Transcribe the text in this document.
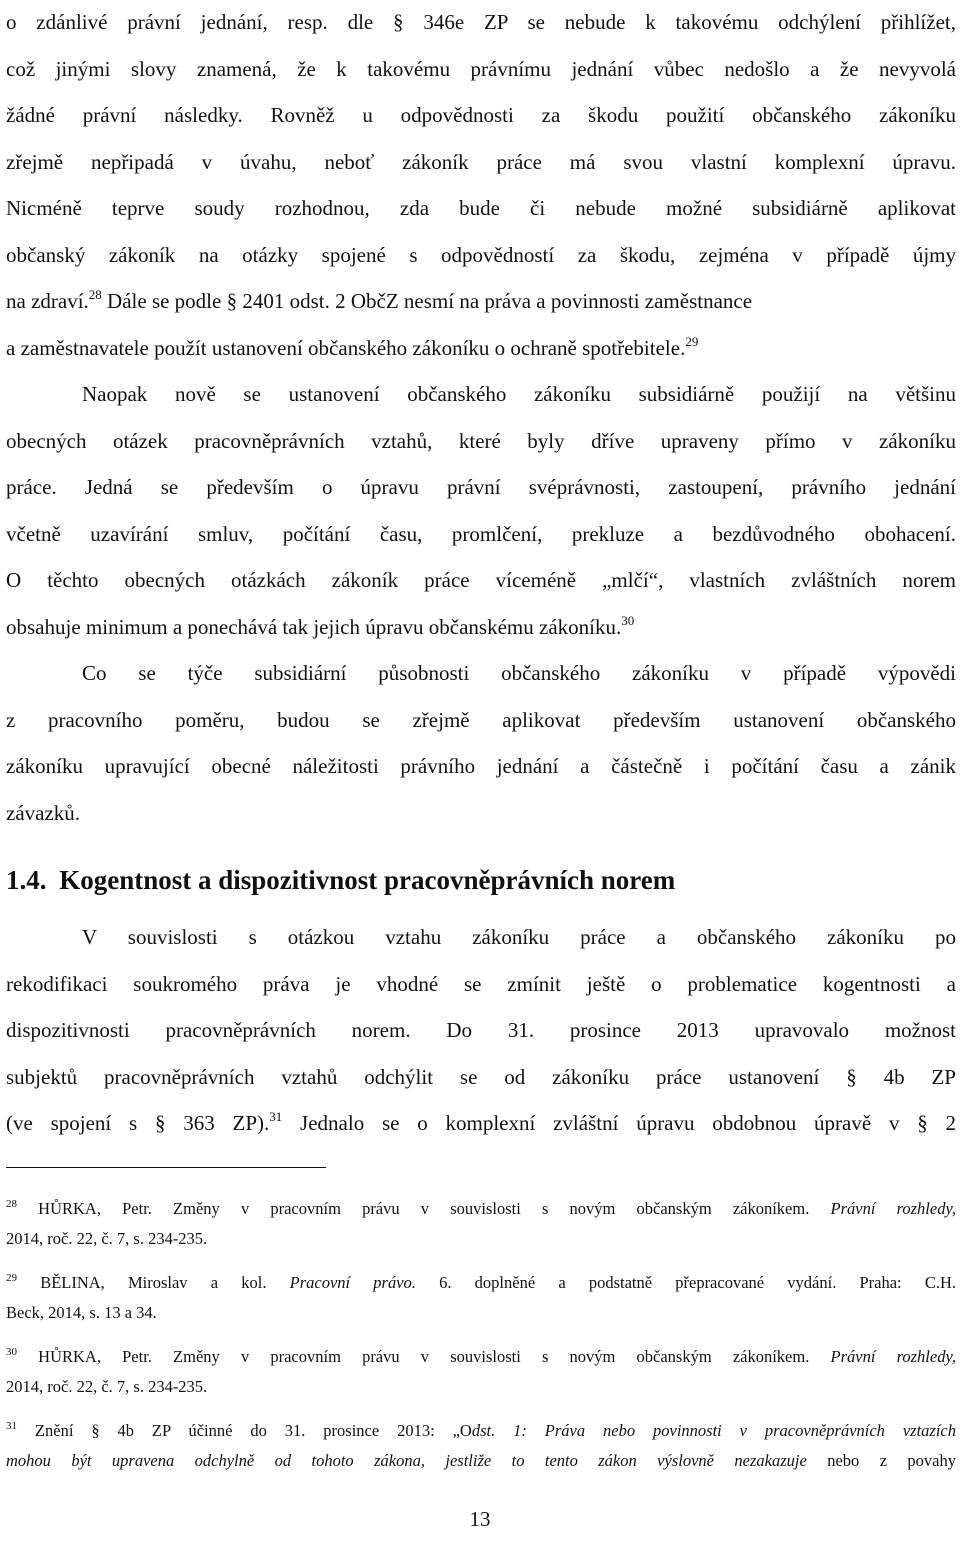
o zdánlivé právní jednání, resp. dle § 346e ZP se nebude k takovému odchýlení přihlížet,
což jinými slovy znamená, že k takovému právnímu jednání vůbec nedošlo a že nevyvolá
žádné právní následky. Rovněž u odpovědnosti za škodu použití občanského zákoníku
zřejmě nepřipadá v úvahu, neboť zákoník práce má svou vlastní komplexní úpravu.
Nicméně teprve soudy rozhodnou, zda bude či nebude možné subsidiárně aplikovat
občanský zákoník na otázky spojené s odpovědností za škodu, zejména v případě újmy
na zdraví.$^{28}$ Dále se podle § 2401 odst. 2 ObčZ nesmí na práva a povinnosti zaměstnance
a zaměstnavatele použít ustanovení občanského zákoníku o ochraně spotřebitele.$^{29}$
Naopak nově se ustanovení občanského zákoníku subsidiárně použijí na většinu
obecných otázek pracovněprávních vztahů, které byly dříve upraveny přímo v zákoníku
práce. Jedná se především o úpravu právní svéprávnosti, zastoupení, právního jednání
včetně uzavírání smluv, počítání času, promlčení, prekluze a bezdůvodného obohacení.
O těchto obecných otázkách zákoník práce víceméně „mlčí“, vlastních zvláštních norem
obsahuje minimum a ponechává tak jejich úpravu občanskému zákoníku.$^{30}$
Co se týče subsidiární působnosti občanského zákoníku v případě výpovědi
z pracovního poměru, budou se zřejmě aplikovat především ustanovení občanského
zákoníku upravující obecné náležitosti právního jednání a částečně i počítání času a zánik
závazků.
1.4. Kogentnost a dispozitivnost pracovněprávních norem
V souvislosti s otázkou vztahu zákoníku práce a občanského zákoníku po
rekodifikaci soukromého práva je vhodné se zmínit ještě o problematice kogentnosti a
dispozitivnosti pracovněprávních norem. Do 31. prosince 2013 upravovalo možnost
subjektů pracovněprávních vztahů odchýlit se od zákoníku práce ustanovení § 4b ZP
(ve spojení s § 363 ZP).$^{31}$ Jednalo se o komplexní zvláštní úpravu obdobnou úpravě v § 2
$^{28}$ HŮRKA, Petr. Změny v pracovním právu v souvislosti s novým občanským zákoníkem. Právní rozhledy,
2014, roč. 22, č. 7, s. 234-235.
$^{29}$ BĚLINA, Miroslav a kol. Pracovní právo. 6. doplněné a podstatně přepracované vydání. Praha: C.H.
Beck, 2014, s. 13 a 34.
$^{30}$ HŮRKA, Petr. Změny v pracovním právu v souvislosti s novým občanským zákoníkem. Právní rozhledy,
2014, roč. 22, č. 7, s. 234-235.
$^{31}$ Znění § 4b ZP účinné do 31. prosince 2013: „Odst. 1: Práva nebo povinnosti v pracovněprávních vztazích
mohou být upravena odchylně od tohoto zákona, jestliže to tento zákon výslovně nezakazuje nebo z povahy
13
